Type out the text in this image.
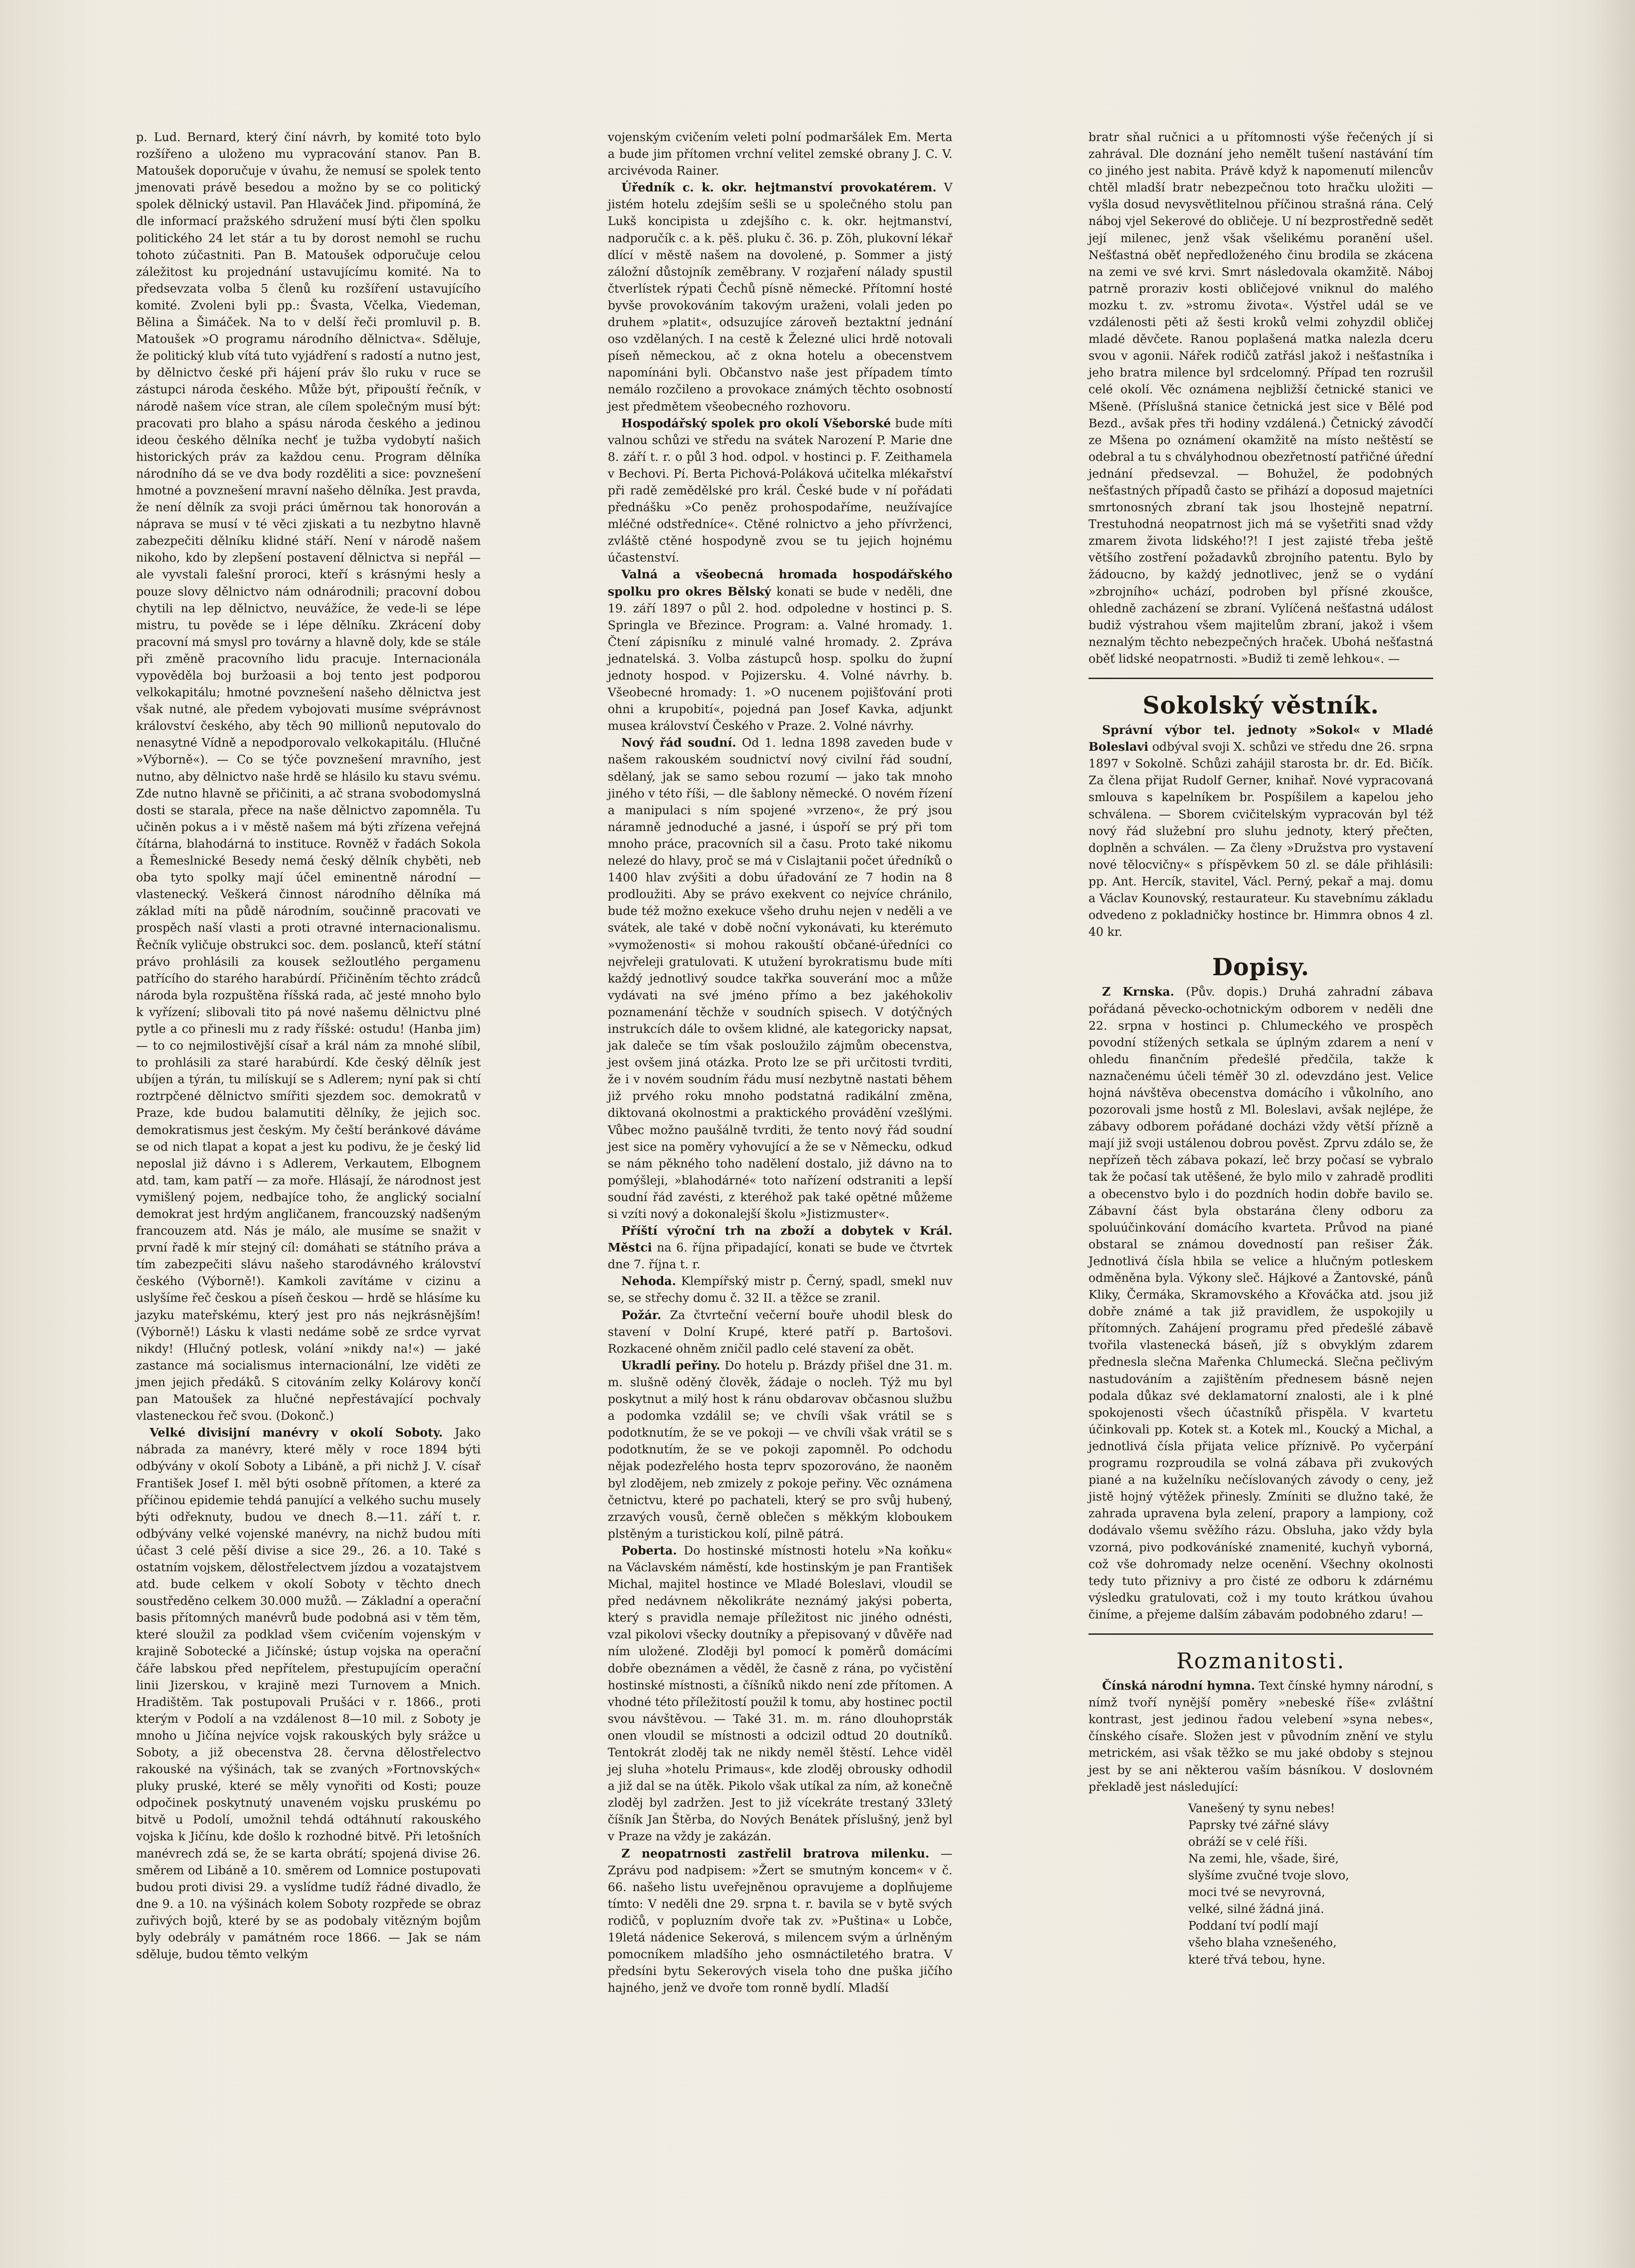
p. Lud. Bernard, který činí návrh, by komité toto bylo rozšířeno a uloženo mu vypracování stanov. Pan B. Matoušek doporučuje v úvahu, že nemusí se spolek tento jmenovati právě besedou a možno by se co politický spolek dělnický ustavil. Pan Hlaváček Jind. připomíná, že dle informací pražského sdružení musí býti člen spolku politického 24 let stár a tu by dorost nemohl se ruchu tohoto zúčastniti. Pan B. Matoušek odporučuje celou záležitost ku projednání ustavujícímu komité. Na to předsevzata volba 5 členů ku rozšíření ustavujícího komité. Zvoleni byli pp.: Švasta, Včelka, Viedeman, Bělina a Šimáček. Na to v delší řeči promluvil p. B. Matoušek »O programu národního dělnictva«. Sděluje, že politický klub vítá tuto vyjádření s radostí a nutno jest, by dělnictvo české při hájení práv šlo ruku v ruce se zástupci národa českého. Může být, připouští řečník, v národě našem více stran, ale cílem společným musí být: pracovati pro blaho a spásu národa českého a jedinou ideou českého dělníka nechť je tužba vydobytí našich historických práv za každou cenu. Program dělníka národního dá se ve dva body rozděliti a sice: povznešení hmotné a povznešení mravní našeho dělníka. Jest pravda, že není dělník za svoji práci úměrnou tak honorován a náprava se musí v té věci zjiskati a tu nezbytno hlavně zabezpečiti dělníku klidné stáří. Není v národě našem nikoho, kdo by zlepšení postavení dělnictva si nepřál — ale vyvstali falešní proroci, kteří s krásnými hesly a pouze slovy dělnictvo nám odnárodnili; pracovní dobou chytili na lep dělnictvo, neuvážíce, že vede-li se lépe mistru, tu pověde se i lépe dělníku. Zkrácení doby pracovní má smysl pro továrny a hlavně doly, kde se stále při změně pracovního lidu pracuje. Internacionála vypověděla boj buržoasii a boj tento jest podporou velkokapitálu; hmotné povznešení našeho dělnictva jest však nutné, ale předem vybojovati musíme svéprávnost království českého, aby těch 90 millionů neputovalo do nenasytné Vídně a nepodporovalo velkokapitálu. (Hlučné »Výborně«). — Co se týče povznešení mravního, jest nutno, aby dělnictvo naše hrdě se hlásilo ku stavu svému. Zde nutno hlavně se přičiniti, a ač strana svobodomyslná dosti se starala, přece na naše dělnictvo zapomněla. Tu učiněn pokus a i v městě našem má býti zřízena veřejná čítárna, blahodárná to instituce. Rovněž v řadách Sokola a Řemeslnické Besedy nemá český dělník chyběti, neb oba tyto spolky mají účel eminentně národní — vlastenecký. Veškerá činnost národního dělníka má základ míti na půdě národním, součinně pracovati ve prospěch naší vlasti a proti otravné internacionalismu. Řečník vyličuje obstrukci soc. dem. poslanců, kteří státní právo prohlásili za kousek sežloutlého pergamenu patřícího do starého harabúrdí. Přičiněním těchto zrádců národa byla rozpuštěna říšská rada, ač jesté mnoho bylo k vyřízení; slibovali tito pá nové našemu dělnictvu plné pytle a co přinesli mu z rady říšské: ostudu! (Hanba jim) — to co nejmilostivější císař a král nám za mnohé slíbil, to prohlásili za staré harabúrdí. Kde český dělník jest ubíjen a týrán, tu milískují se s Adlerem; nyní pak si chtí roztrpčené dělnictvo smířiti sjezdem soc. demokratů v Praze, kde budou balamutiti dělníky, že jejich soc. demokratismus jest českým. My čeští beránkové dáváme se od nich tlapat a kopat a jest ku podivu, že je český lid neposlal již dávno i s Adlerem, Verkautem, Elbognem atd. tam, kam patří — za moře. Hlásají, že národnost jest vymišlený pojem, nedbajíce toho, že anglický socialní demokrat jest hrdým angličanem, francouzský nadšeným francouzem atd. Nás je málo, ale musíme se snažit v první řadě k mír stejný cíl: domáhati se státního práva a tím zabezpečiti slávu našeho starodávného království českého (Výborně!). Kamkoli zavítáme v cizinu a uslyšíme řeč českou a píseň českou — hrdě se hlásíme ku jazyku mateřskému, který jest pro nás nejkrásnějším! (Výborně!) Lásku k vlasti nedáme sobě ze srdce vyrvat nikdy! (Hlučný potlesk, volání »nikdy na!«) — jaké zastance má socialismus internacionální, lze viděti ze jmen jejich předáků. S citováním zelky Kolárovy končí pan Matoušek za hlučné nepřestávající pochvaly vlasteneckou řeč svou. (Dokonč.)

Velké divisijní manévry v okolí Soboty. Jako nábrada za manévry, které měly v roce 1894 býti odbývány v okolí Soboty a Libáně, a při nichž J. V. císař František Josef I. měl býti osobně přítomen, a které za příčinou epidemie tehdá panující a velkého suchu musely býti odřeknuty, budou ve dnech 8.—11. září t. r. odbývány velké vojenské manévry, na nichž budou míti účast 3 celé pěší divise a sice 29., 26. a 10. Také s ostatním vojskem, dělostřelectvem jízdou a vozatajstvem atd. bude celkem v okolí Soboty v těchto dnech soustředěno celkem 30.000 mužů. — Základní a operační basis přítomných manévrů bude podobná asi v těm těm, které sloužil za podklad všem cvičením vojenským v krajině Sobotecké a Jičínské; ústup vojska na operační čáře labskou před nepřítelem, přestupujícím operační linii Jizerskou, v krajině mezi Turnovem a Mnich. Hradištěm. Tak postupovali Prušáci v r. 1866., proti kterým v Podolí a na vzdálenost 8—10 mil. z Soboty je mnoho u Jičína nejvíce vojsk rakouských byly srážce u Soboty, a již obecenstva 28. června dělostřelectvo rakouské na výšinách, tak se zvaných »Fortnovských« pluky pruské, které se měly vynořiti od Kosti; pouze odpočinek poskytnutý unaveném vojsku pruskému po bitvě u Podolí, umožnil tehdá odtáhnutí rakouského vojska k Jičínu, kde došlo k rozhodné bitvě. Při letošních manévrech zdá se, že se karta obrátí; spojená divise 26. směrem od Libáně a 10. směrem od Lomnice postupovati budou proti divisi 29. a vyslídme tudíž řádné divadlo, že dne 9. a 10. na výšinách kolem Soboty rozpřede se obraz zuřivých bojů, které by se as podobaly vitězným bojům byly odebrály v památném roce 1866. — Jak se nám sděluje, budou těmto velkým

vojenským cvičením veleti polní podmaršálek Em. Merta a bude jim přítomen vrchní velitel zemské obrany J. C. V. arcivévoda Rainer.

Úředník c. k. okr. hejtmanství provokatérem. V jistém hotelu zdejším sešli se u společného stolu pan Lukš koncipista u zdejšího c. k. okr. hejtmanství, nadporučík c. a k. pěš. pluku č. 36. p. Zöh, plukovní lékař dlící v městě našem na dovolené, p. Sommer a jistý záložní důstojník zeměbrany. V rozjaření nálady spustil čtverlístek rýpati Čechů písně německé. Přítomní hosté byvše provokováním takovým uraženi, volali jeden po druhem »platit«, odsuzujíce zároveň beztaktní jednání oso vzdělaných. I na cestě k Železné ulici hrdě notovali píseň německou, ač z okna hotelu a obecenstvem napomínáni byli. Občanstvo naše jest případem tímto nemálo rozčileno a provokace známých těchto osobností jest předmětem všeobecného rozhovoru.

Hospodářský spolek pro okolí Všeborské bude míti valnou schůzi ve středu na svátek Narození P. Marie dne 8. září t. r. o půl 3 hod. odpol. v hostinci p. F. Zeithamela v Bechovi. Pí. Berta Pichová-Poláková učitelka mlékařství při radě zemědělské pro král. České bude v ní pořádati přednášku »Co peněz prohospodaříme, neužívajíce mléčné odstředníce«. Ctěné rolnictvo a jeho přívrženci, zvláště ctěné hospodyně zvou se tu jejich hojnému účastenství.

Valná a všeobecná hromada hospodářského spolku pro okres Bělský konati se bude v neděli, dne 19. září 1897 o půl 2. hod. odpoledne v hostinci p. S. Springla ve Březince. Program: a. Valné hromady. 1. Čtení zápisníku z minulé valné hromady. 2. Zpráva jednatelská. 3. Volba zástupců hosp. spolku do župní jednoty hospod. v Pojizersku. 4. Volné návrhy. b. Všeobecné hromady: 1. »O nucenem pojišťování proti ohni a krupobití«, pojedná pan Josef Kavka, adjunkt musea království Českého v Praze. 2. Volné návrhy.

Nový řád soudní. Od 1. ledna 1898 zaveden bude v našem rakouském soudnictví nový civilní řád soudní, sdělaný, jak se samo sebou rozumí — jako tak mnoho jiného v této říši, — dle šablony německé. O novém řízení a manipulaci s ním spojené »vrzeno«, že prý jsou náramně jednoduché a jasné, i úspoří se prý při tom mnoho práce, pracovních sil a času. Proto také nikomu nelezé do hlavy, proč se má v Cislajtanii počet úředníků o 1400 hlav zvýšiti a dobu úřadování ze 7 hodin na 8 prodloužiti. Aby se právo exekvent co nejvíce chránilo, bude též možno exekuce všeho druhu nejen v neděli a ve svátek, ale také v době noční vykonávati, ku kterémuto »vymoženosti« si mohou rakouští občané-úředníci co nejvřeleji gratulovati. K utužení byrokratismu bude míti každý jednotlivý soudce takřka souverání moc a může vydávati na své jméno přímo a bez jakéhokoliv poznamenání těchže v soudních spisech. V dotýčných instrukcích dále to ovšem klidné, ale kategoricky napsat, jak daleče se tím však posloužilo zájmům obecenstva, jest ovšem jiná otázka. Proto lze se při určitosti tvrditi, že i v novém soudním řádu musí nezbytně nastati během již prvého roku mnoho podstatná radikální změna, diktovaná okolnostmi a praktického provádění vzešlými. Vůbec možno paušálně tvrditi, že tento nový řád soudní jest sice na poměry vyhovující a že se v Německu, odkud se nám pěkného toho nadělení dostalo, již dávno na to pomýšleji, »blahodárné« toto nařízení odstraniti a lepší soudní řád zavésti, z kteréhož pak také opětné můžeme si vzíti nový a dokonalejší školu »Jistizmuster«.

Příští výroční trh na zboží a dobytek v Král. Městci na 6. října připadající, konati se bude ve čtvrtek dne 7. října t. r.

Nehoda. Klempířský mistr p. Černý, spadl, smekl nuv se, se střechy domu č. 32 II. a těžce se zranil.

Požár. Za čtvrteční večerní bouře uhodil blesk do stavení v Dolní Krupé, které patří p. Bartošovi. Rozkacené ohněm zničil padlo celé stavení za obět.

Ukradlí peřiny. Do hotelu p. Brázdy přišel dne 31. m. m. slušně oděný člověk, žádaje o nocleh. Týž mu byl poskytnut a milý host k ránu obdarovav občasnou službu a podomka vzdálil se; ve chvíli však vrátil se s podotknutím, že se ve pokoji — ve chvíli však vrátil se s podotknutím, že se ve pokoji zapomněl. Po odchodu nějak podezřelého hosta teprv spozorováno, že naoněm byl zlodějem, neb zmizely z pokoje peřiny. Věc oznámena četnictvu, které po pachateli, který se pro svůj hubený, zrzavých vousů, černě oblečen s měkkým kloboukem plstěným a turistickou kolí, pilně pátrá.

Poberta. Do hostinské místnosti hotelu »Na koňku« na Václavském náměstí, kde hostinským je pan František Michal, majitel hostince ve Mladé Boleslavi, vloudil se před nedávnem několikráte neznámý jakýsi poberta, který s pravidla nemaje příležitost nic jiného odnésti, vzal pikolovi všecky doutníky a přepisovaný v důvěře nad ním uložené. Zloději byl pomocí k poměrů domácími dobře obeznámen a věděl, že časně z rána, po vyčistění hostinské místnosti, a číšníků nikdo není zde přítomen. A vhodné této příležitostí použil k tomu, aby hostinec poctil svou návštěvou. — Také 31. m. m. ráno dlouhoprsták onen vloudil se místnosti a odcizil odtud 20 doutníků. Tentokrát zloděj tak ne nikdy neměl štěstí. Lehce viděl jej sluha »hotelu Primaus«, kde zloděj obrousky odhodil a již dal se na útěk. Pikolo však utíkal za ním, až konečně zloděj byl zadržen. Jest to již vícekráte trestaný 33letý číšník Jan Štěrba, do Nových Benátek příslušný, jenž byl v Praze na vždy je zakázán.

Z neopatrnosti zastřelil bratrova milenku. — Zprávu pod nadpisem: »Žert se smutným koncem« v č. 66. našeho listu uveřejněnou opravujeme a doplňujeme tímto: V neděli dne 29. srpna t. r. bavila se v bytě svých rodičů, v popluzním dvoře tak zv. »Puština« u Lobče, 19letá nádenice Sekerová, s milencem svým a úrlněným pomocníkem mladšího jeho osmnáctiletého bratra. V předsíni bytu Sekerových visela toho dne puška jičího hajného, jenž ve dvoře tom ronně bydlí. Mladší

bratr sňal ručnici a u přítomnosti výše řečených jí si zahrával. Dle doznání jeho nemělt tušení nastávání tím co jiného jest nabita. Právě když k napomenutí milencův chtěl mladší bratr nebezpečnou toto hračku uložiti — vyšla dosud nevysvětlitelnou příčinou strašná rána. Celý náboj vjel Sekerové do obličeje. U ní bezprostředně sedět její milenec, jenž však všelikému poranění ušel. Nešťastná oběť nepředloženého činu brodila se zkácena na zemi ve své krvi. Smrt následovala okamžitě. Náboj patrně proraziv kosti obličejové vniknul do malého mozku t. zv. »stromu života«. Výstřel udál se ve vzdálenosti pěti až šesti kroků velmi zohyzdil obličej mladé děvčete. Ranou poplašená matka nalezla dceru svou v agonii. Nářek rodičů zatřásl jakož i nešťastníka i jeho bratra milence byl srdcelomný. Případ ten rozrušil celé okolí. Věc oznámena nejbližší četnické stanici ve Mšeně. (Příslušná stanice četnická jest sice v Bělé pod Bezd., avšak přes tři hodiny vzdálená.) Četnický závodčí ze Mšena po oznámení okamžitě na místo neštěstí se odebral a tu s chvályhodnou obezřetností patřičné úřední jednání předsevzal. — Bohužel, že podobných nešťastných případů často se přihází a doposud majetníci smrtonosných zbraní tak jsou lhostejně nepatrní. Trestuhodná neopatrnost jich má se vyšetřiti snad vždy zmarem života lidského!?! I jest zajisté třeba ještě většího zostření požadavků zbrojního patentu. Bylo by žádoucno, by každý jednotlivec, jenž se o vydání »zbrojního« uchází, podroben byl přísné zkoušce, ohledně zacházení se zbraní. Vylíčená nešťastná událost budiž výstrahou všem majitelům zbraní, jakož i všem neznalým těchto nebezpečných hraček. Ubohá nešťastná oběť lidské neopatrnosti. »Budiž ti země lehkou«. —

Sokolský věstník.

Správní výbor tel. jednoty »Sokol« v Mladé Boleslavi odbýval svoji X. schůzi ve středu dne 26. srpna 1897 v Sokolně. Schůzi zahájil starosta br. dr. Ed. Bičík. Za člena přijat Rudolf Gerner, knihař. Nové vypracovaná smlouva s kapelníkem br. Pospíšilem a kapelou jeho schválena. — Sborem cvičitelským vypracován byl též nový řád služební pro sluhu jednoty, který přečten, doplněn a schválen. — Za členy »Družstva pro vystavení nové tělocvičny« s příspěvkem 50 zl. se dále přihlásili: pp. Ant. Hercík, stavitel, Václ. Perný, pekař a maj. domu a Václav Kounovský, restaurateur. Ku stavebnímu základu odvedeno z pokladničky hostince br. Himmra obnos 4 zl. 40 kr.

Dopisy.

Z Krnska. (Pův. dopis.) Druhá zahradní zábava pořádaná pěvecko-ochotnickým odborem v neděli dne 22. srpna v hostinci p. Chlumeckého ve prospěch povodní stížených setkala se úplným zdarem a není v ohledu finančním předešlé předčila, takže k naznačenému účeli téměř 30 zl. odevzdáno jest. Velice hojná návštěva obecenstva domácího i vůkolního, ano pozorovali jsme hostů z Ml. Boleslavi, avšak nejlépe, že zábavy odborem pořádané docházi vždy větší přízně a mají již svoji ustálenou dobrou pověst. Zprvu zdálo se, že nepřízeň těch zábava pokazí, leč brzy počasí se vybralo tak že počasí tak utěšené, že bylo milo v zahradě prodliti a obecenstvo bylo i do pozdních hodin dobře bavilo se. Zábavní část byla obstarána členy odboru za spoluúčinkování domácího kvarteta. Průvod na piané obstaral se známou dovedností pan rešiser Žák. Jednotlivá čísla hbila se velice a hlučným potleskem odměněna byla. Výkony sleč. Hájkové a Žantovské, pánů Kliky, Čermáka, Skramovského a Křováčka atd. jsou již dobře známé a tak již pravidlem, že uspokojily u přítomných. Zahájení programu před předešlé zábavě tvořila vlastenecká báseň, jíž s obvyklým zdarem přednesla slečna Mařenka Chlumecká. Slečna pečlivým nastudováním a zajištěním přednesem básně nejen podala důkaz své deklamatorní znalosti, ale i k plné spokojenosti všech účastníků přispěla. V kvartetu účinkovali pp. Kotek st. a Kotek ml., Koucký a Michal, a jednotlivá čísla přijata velice příznivě. Po vyčerpání programu rozproudila se volná zábava při zvukových piané a na kuželníku nečíslovaných závody o ceny, jež jistě hojný výtěžek přinesly. Zmíniti se dlužno také, že zahrada upravena byla zelení, prapory a lampiony, což dodávalo všemu svěžího rázu. Obsluha, jako vždy byla vzorná, pivo podkováníské znamenité, kuchyň vyborná, což vše dohromady nelze ocenění. Všechny okolnosti tedy tuto přiznivy a pro čisté ze odboru k zdárnému výsledku gratulovati, což i my touto krátkou úvahou činíme, a přejeme dalším zábavám podobného zdaru! —

Rozmanitosti.

Čínská národní hymna. Text čínské hymny národní, s nímž tvoří nynější poměry »nebeské říše« zvláštní kontrast, jest jedinou řadou velebení »syna nebes«, čínského císaře. Složen jest v původním znění ve stylu metrickém, asi však těžko se mu jaké obdoby s stejnou jest by se ani některou vaším básníkou. V doslovném překladě jest následující:

Vanešený ty synu nebes!
Paprsky tvé zářné slávy
obráží se v celé říši.
Na zemi, hle, všade, širé,
slyšíme zvučné tvoje slovo,
moci tvé se nevyrovná,
velké, silné žádná jiná.
Poddaní tví podlí mají
všeho blaha vznešeného,
které třvá tebou, hyne.
